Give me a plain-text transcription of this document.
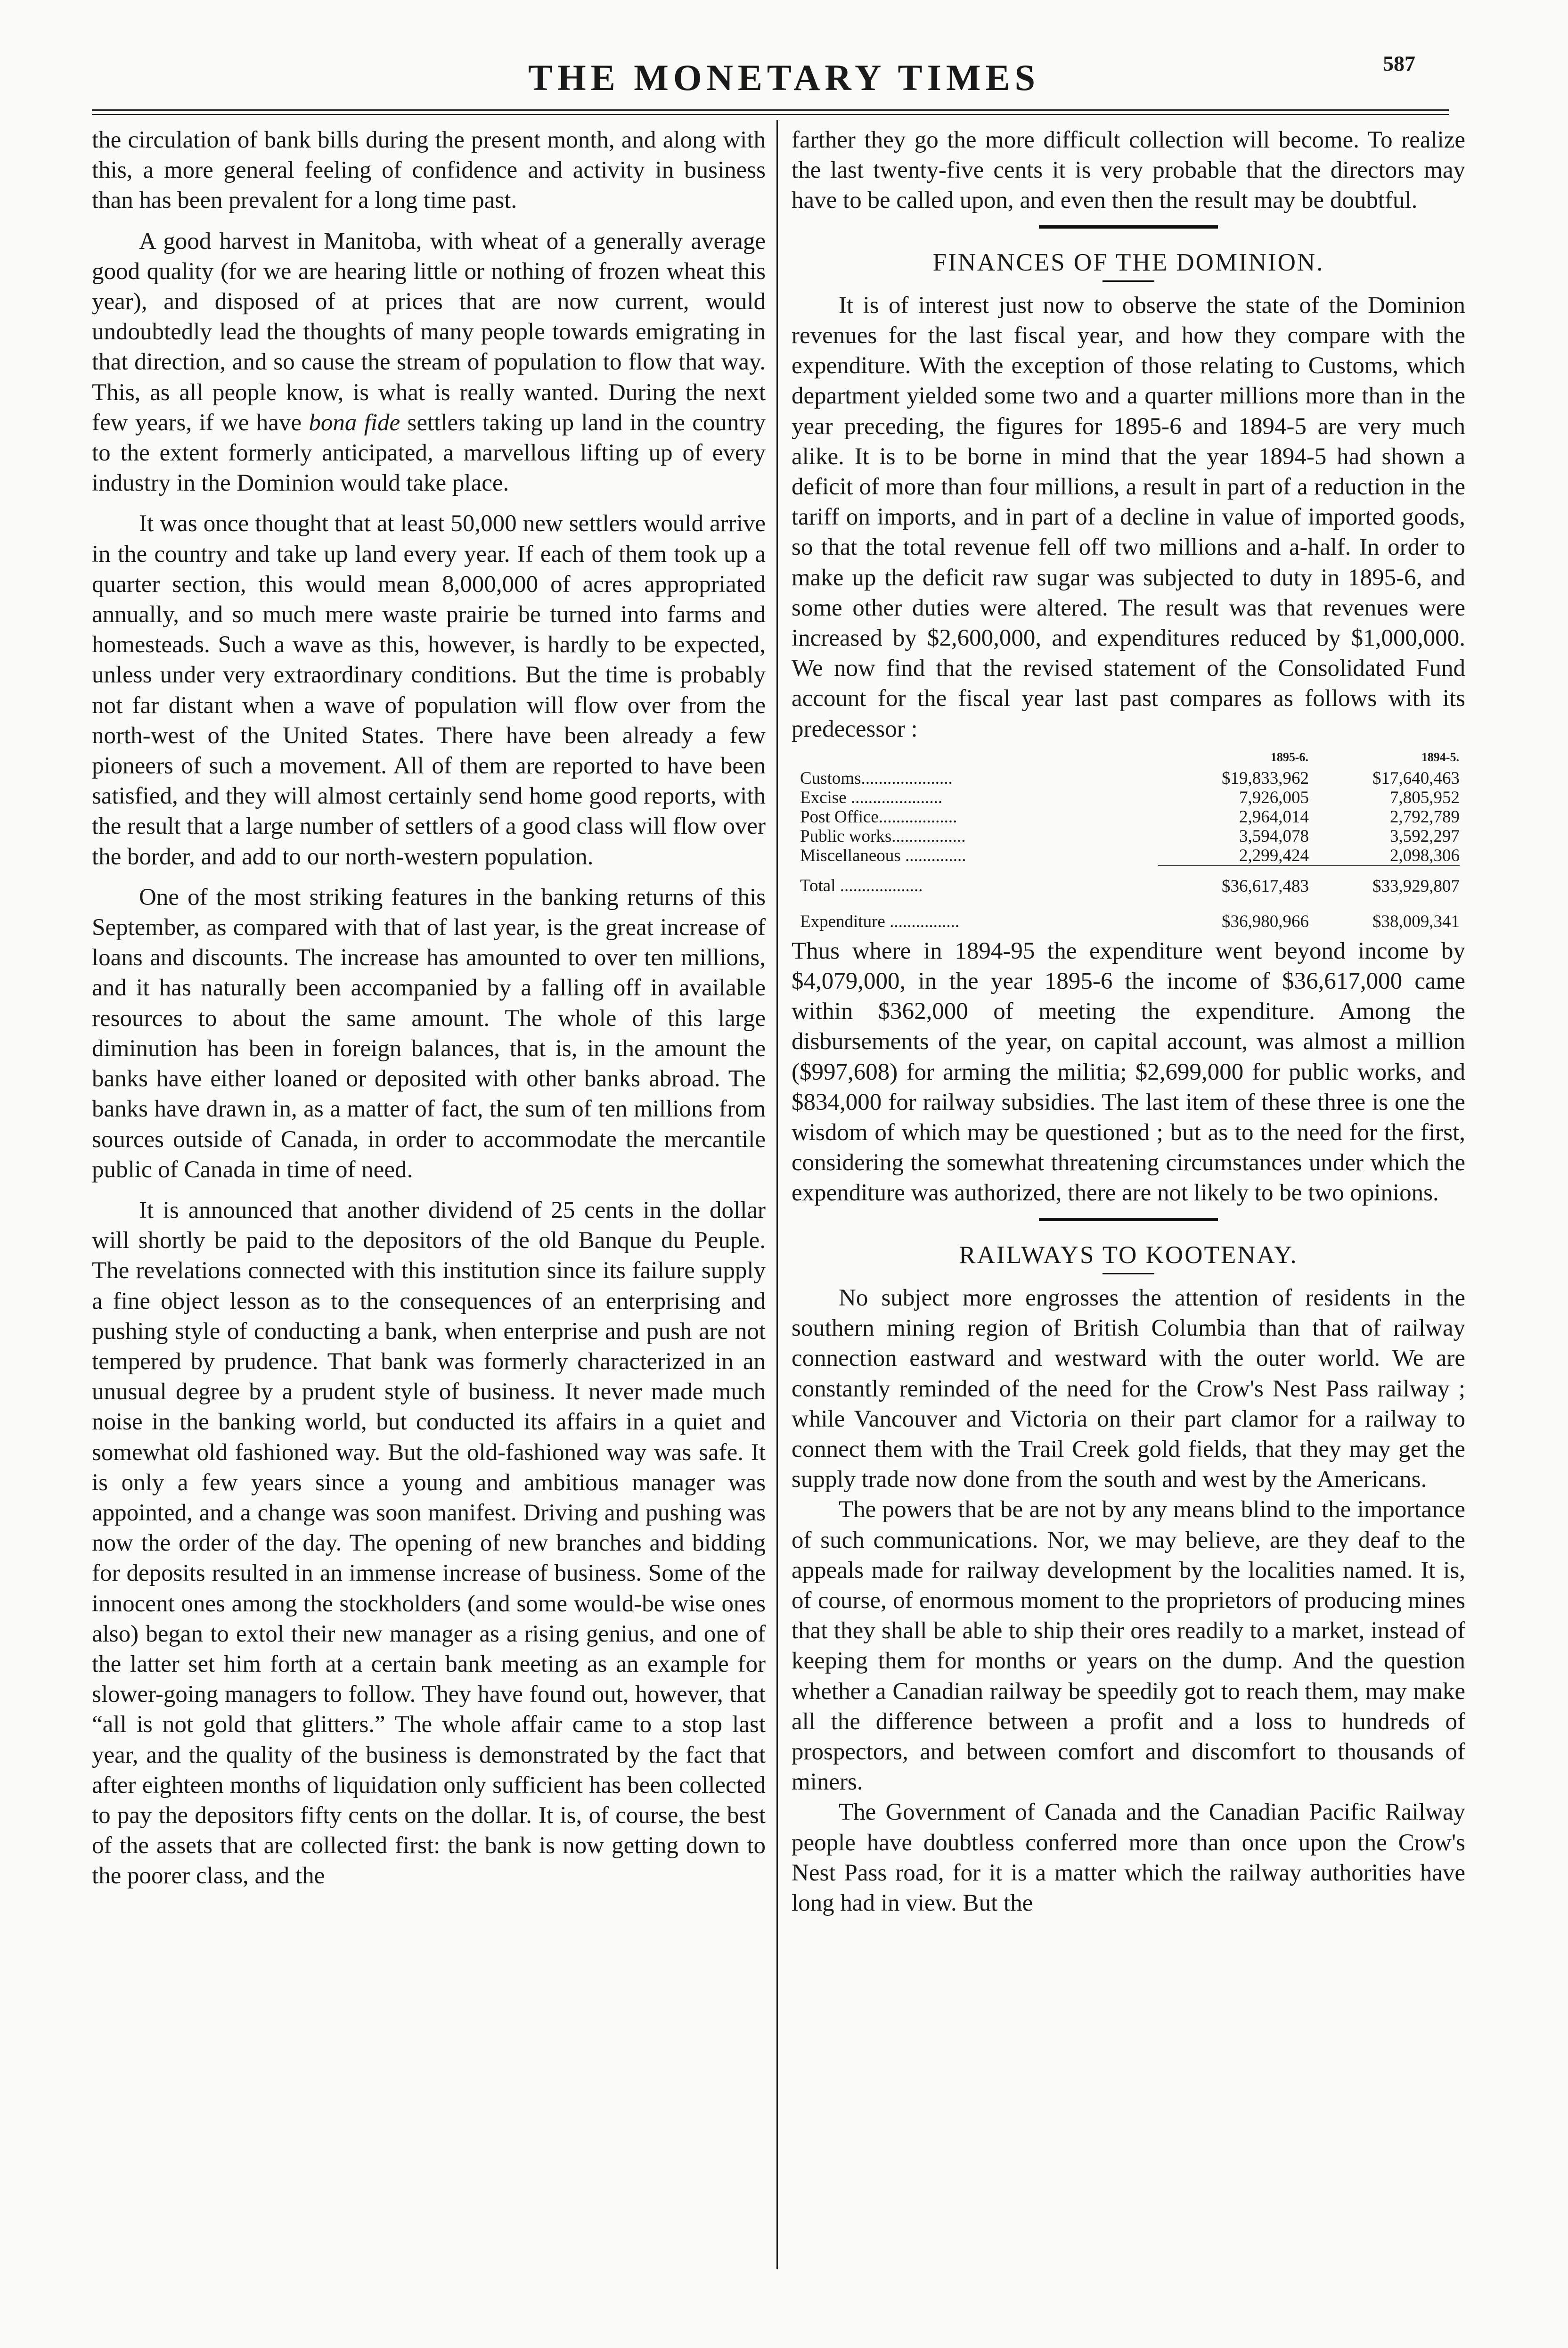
THE MONETARY TIMES	587

the circulation of bank bills during the present month, and along with this, a more general feeling of confidence and activity in business than has been prevalent for a long time past.

A good harvest in Manitoba, with wheat of a generally average good quality (for we are hearing little or nothing of frozen wheat this year), and disposed of at prices that are now current, would undoubtedly lead the thoughts of many people towards emigrating in that direction, and so cause the stream of population to flow that way. This, as all people know, is what is really wanted. During the next few years, if we have bona fide settlers taking up land in the country to the extent formerly anticipated, a marvellous lifting up of every industry in the Dominion would take place.

It was once thought that at least 50,000 new settlers would arrive in the country and take up land every year. If each of them took up a quarter section, this would mean 8,000,000 of acres appropriated annually, and so much mere waste prairie be turned into farms and homesteads. Such a wave as this, however, is hardly to be expected, unless under very extraordinary conditions. But the time is probably not far distant when a wave of population will flow over from the north-west of the United States. There have been already a few pioneers of such a movement. All of them are reported to have been satisfied, and they will almost certainly send home good reports, with the result that a large number of settlers of a good class will flow over the border, and add to our north-western population.

One of the most striking features in the banking returns of this September, as compared with that of last year, is the great increase of loans and discounts. The increase has amounted to over ten millions, and it has naturally been accompanied by a falling off in available resources to about the same amount. The whole of this large diminution has been in foreign balances, that is, in the amount the banks have either loaned or deposited with other banks abroad. The banks have drawn in, as a matter of fact, the sum of ten millions from sources outside of Canada, in order to accommodate the mercantile public of Canada in time of need.

It is announced that another dividend of 25 cents in the dollar will shortly be paid to the depositors of the old Banque du Peuple. The revelations connected with this institution since its failure supply a fine object lesson as to the consequences of an enterprising and pushing style of conducting a bank, when enterprise and push are not tempered by prudence. That bank was formerly characterized in an unusual degree by a prudent style of business. It never made much noise in the banking world, but conducted its affairs in a quiet and somewhat old fashioned way. But the old-fashioned way was safe. It is only a few years since a young and ambitious manager was appointed, and a change was soon manifest. Driving and pushing was now the order of the day. The opening of new branches and bidding for deposits resulted in an immense increase of business. Some of the innocent ones among the stockholders (and some would-be wise ones also) began to extol their new manager as a rising genius, and one of the latter set him forth at a certain bank meeting as an example for slower-going managers to follow. They have found out, however, that “all is not gold that glitters.” The whole affair came to a stop last year, and the quality of the business is demonstrated by the fact that after eighteen months of liquidation only sufficient has been collected to pay the depositors fifty cents on the dollar. It is, of course, the best of the assets that are collected first: the bank is now getting down to the poorer class, and the

farther they go the more difficult collection will become. To realize the last twenty-five cents it is very probable that the directors may have to be called upon, and even then the result may be doubtful.

FINANCES OF THE DOMINION.

It is of interest just now to observe the state of the Dominion revenues for the last fiscal year, and how they compare with the expenditure. With the exception of those relating to Customs, which department yielded some two and a quarter millions more than in the year preceding, the figures for 1895-6 and 1894-5 are very much alike. It is to be borne in mind that the year 1894-5 had shown a deficit of more than four millions, a result in part of a reduction in the tariff on imports, and in part of a decline in value of imported goods, so that the total revenue fell off two millions and a-half. In order to make up the deficit raw sugar was subjected to duty in 1895-6, and some other duties were altered. The result was that revenues were increased by $2,600,000, and expenditures reduced by $1,000,000. We now find that the revised statement of the Consolidated Fund account for the fiscal year last past compares as follows with its predecessor :

	1895-6.	1894-5.
Customs.....................	$19,833,962	$17,640,463
Excise .....................	7,926,005	7,805,952
Post Office..................	2,964,014	2,792,789
Public works.................	3,594,078	3,592,297
Miscellaneous ..............	2,299,424	2,098,306
Total ...................	$36,617,483	$33,929,807
Expenditure ................	$36,980,966	$38,009,341

Thus where in 1894-95 the expenditure went beyond income by $4,079,000, in the year 1895-6 the income of $36,617,000 came within $362,000 of meeting the expenditure. Among the disbursements of the year, on capital account, was almost a million ($997,608) for arming the militia; $2,699,000 for public works, and $834,000 for railway subsidies. The last item of these three is one the wisdom of which may be questioned ; but as to the need for the first, considering the somewhat threatening circumstances under which the expenditure was authorized, there are not likely to be two opinions.

RAILWAYS TO KOOTENAY.

No subject more engrosses the attention of residents in the southern mining region of British Columbia than that of railway connection eastward and westward with the outer world. We are constantly reminded of the need for the Crow's Nest Pass railway ; while Vancouver and Victoria on their part clamor for a railway to connect them with the Trail Creek gold fields, that they may get the supply trade now done from the south and west by the Americans.

The powers that be are not by any means blind to the importance of such communications. Nor, we may believe, are they deaf to the appeals made for railway development by the localities named. It is, of course, of enormous moment to the proprietors of producing mines that they shall be able to ship their ores readily to a market, instead of keeping them for months or years on the dump. And the question whether a Canadian railway be speedily got to reach them, may make all the difference between a profit and a loss to hundreds of prospectors, and between comfort and discomfort to thousands of miners.

The Government of Canada and the Canadian Pacific Railway people have doubtless conferred more than once upon the Crow's Nest Pass road, for it is a matter which the railway authorities have long had in view. But the
